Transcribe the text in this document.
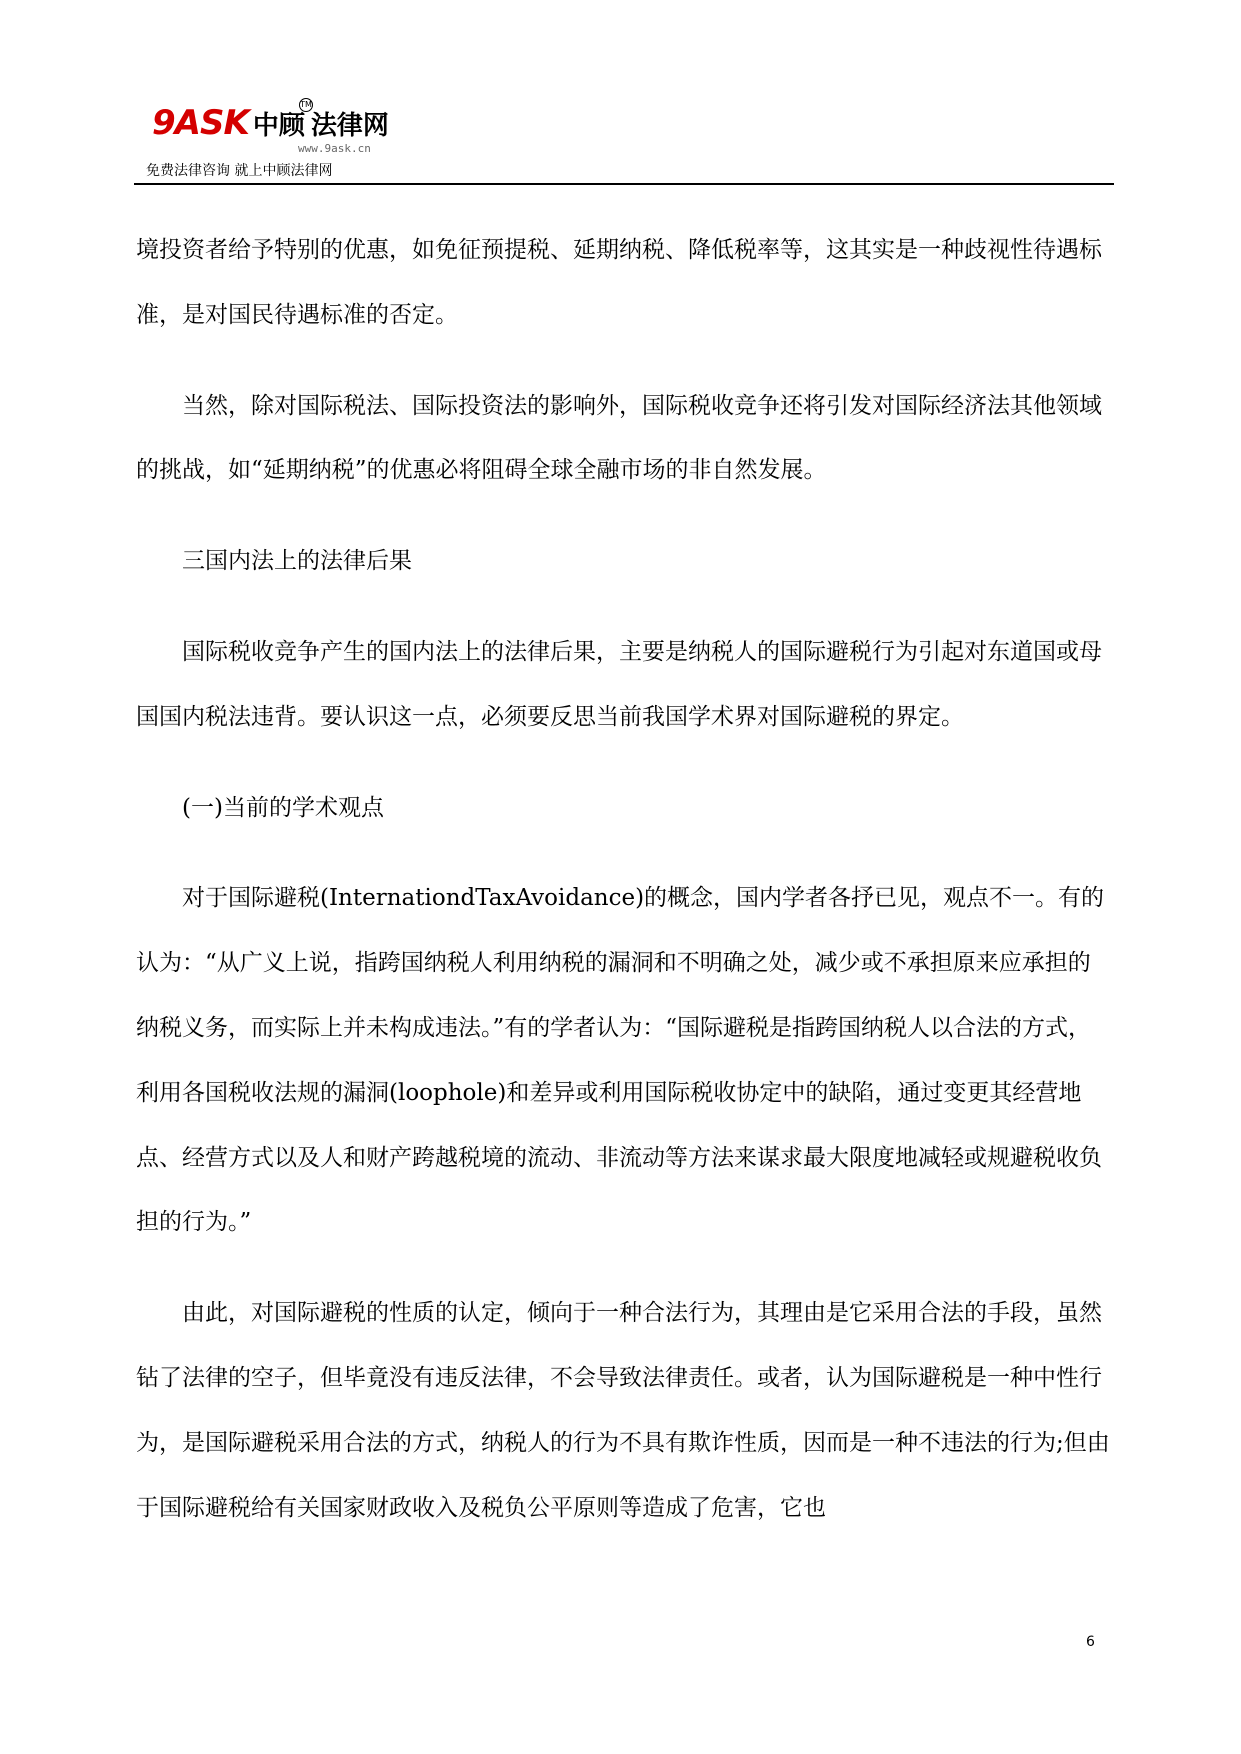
9ASK 中顾 法律网
TM
www.9ask.cn
免费法律咨询 就上中顾法律网

境投资者给予特别的优惠，如免征预提税、延期纳税、降低税率等，这其实是一种歧视性待遇标准，是对国民待遇标准的否定。

当然，除对国际税法、国际投资法的影响外，国际税收竞争还将引发对国际经济法其他领域的挑战，如“延期纳税”的优惠必将阻碍全球全融市场的非自然发展。

三国内法上的法律后果

国际税收竞争产生的国内法上的法律后果，主要是纳税人的国际避税行为引起对东道国或母国国内税法违背。要认识这一点，必须要反思当前我国学术界对国际避税的界定。

(一)当前的学术观点

对于国际避税(InternationdTaxAvoidance)的概念，国内学者各抒已见，观点不一。有的认为：“从广义上说，指跨国纳税人利用纳税的漏洞和不明确之处，减少或不承担原来应承担的纳税义务，而实际上并未构成违法。”有的学者认为：“国际避税是指跨国纳税人以合法的方式，利用各国税收法规的漏洞(loophole)和差异或利用国际税收协定中的缺陷，通过变更其经营地点、经营方式以及人和财产跨越税境的流动、非流动等方法来谋求最大限度地减轻或规避税收负担的行为。”

由此，对国际避税的性质的认定，倾向于一种合法行为，其理由是它采用合法的手段，虽然钻了法律的空子，但毕竟没有违反法律，不会导致法律责任。或者，认为国际避税是一种中性行为，是国际避税采用合法的方式，纳税人的行为不具有欺诈性质，因而是一种不违法的行为;但由于国际避税给有关国家财政收入及税负公平原则等造成了危害，它也

6
